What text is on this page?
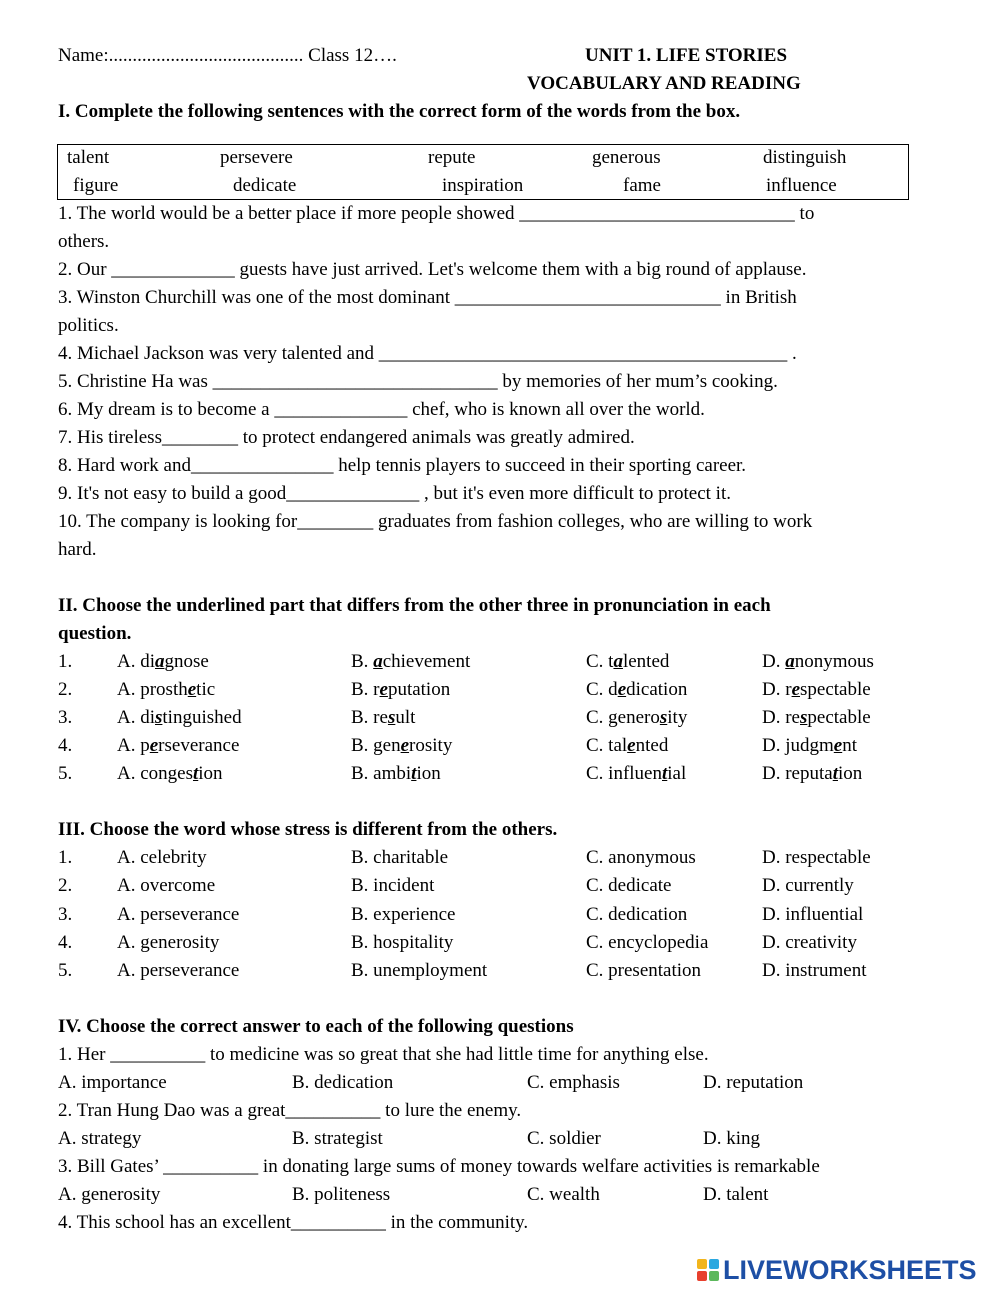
Name:......................................... Class 12….	UNIT 1. LIFE STORIES
VOCABULARY AND READING
I. Complete the following sentences with the correct form of the words from the box.
talent	persevere	repute	generous	distinguish
figure	dedicate	inspiration	fame	influence
1. The world would be a better place if more people showed _____________________________ to
others.
2. Our _____________ guests have just arrived. Let's welcome them with a big round of applause.
3. Winston Churchill was one of the most dominant ____________________________ in British
politics.
4. Michael Jackson was very talented and ___________________________________________ .
5. Christine Ha was ______________________________ by memories of her mum’s cooking.
6. My dream is to become a ______________ chef, who is known all over the world.
7. His tireless________ to protect endangered animals was greatly admired.
8. Hard work and_______________ help tennis players to succeed in their sporting career.
9. It's not easy to build a good______________ , but it's even more difficult to protect it.
10. The company is looking for________ graduates from fashion colleges, who are willing to work
hard.
II. Choose the underlined part that differs from the other three in pronunciation in each
question.
1. A. diagnose	B. achievement	C. talented	D. anonymous
2. A. prosthetic	B. reputation	C. dedication	D. respectable
3. A. distinguished	B. result	C. generosity	D. respectable
4. A. perseverance	B. generosity	C. talented	D. judgment
5. A. congestion	B. ambition	C. influential	D. reputation
III. Choose the word whose stress is different from the others.
1. A. celebrity	B. charitable	C. anonymous	D. respectable
2. A. overcome	B. incident	C. dedicate	D. currently
3. A. perseverance	B. experience	C. dedication	D. influential
4. A. generosity	B. hospitality	C. encyclopedia	D. creativity
5. A. perseverance	B. unemployment	C. presentation	D. instrument
IV. Choose the correct answer to each of the following questions
1. Her __________ to medicine was so great that she had little time for anything else.
A. importance	B. dedication	C. emphasis	D. reputation
2. Tran Hung Dao was a great__________ to lure the enemy.
A. strategy	B. strategist	C. soldier	D. king
3. Bill Gates’ __________ in donating large sums of money towards welfare activities is remarkable
A. generosity	B. politeness	C. wealth	D. talent
4. This school has an excellent__________ in the community.
LIVEWORKSHEETS
